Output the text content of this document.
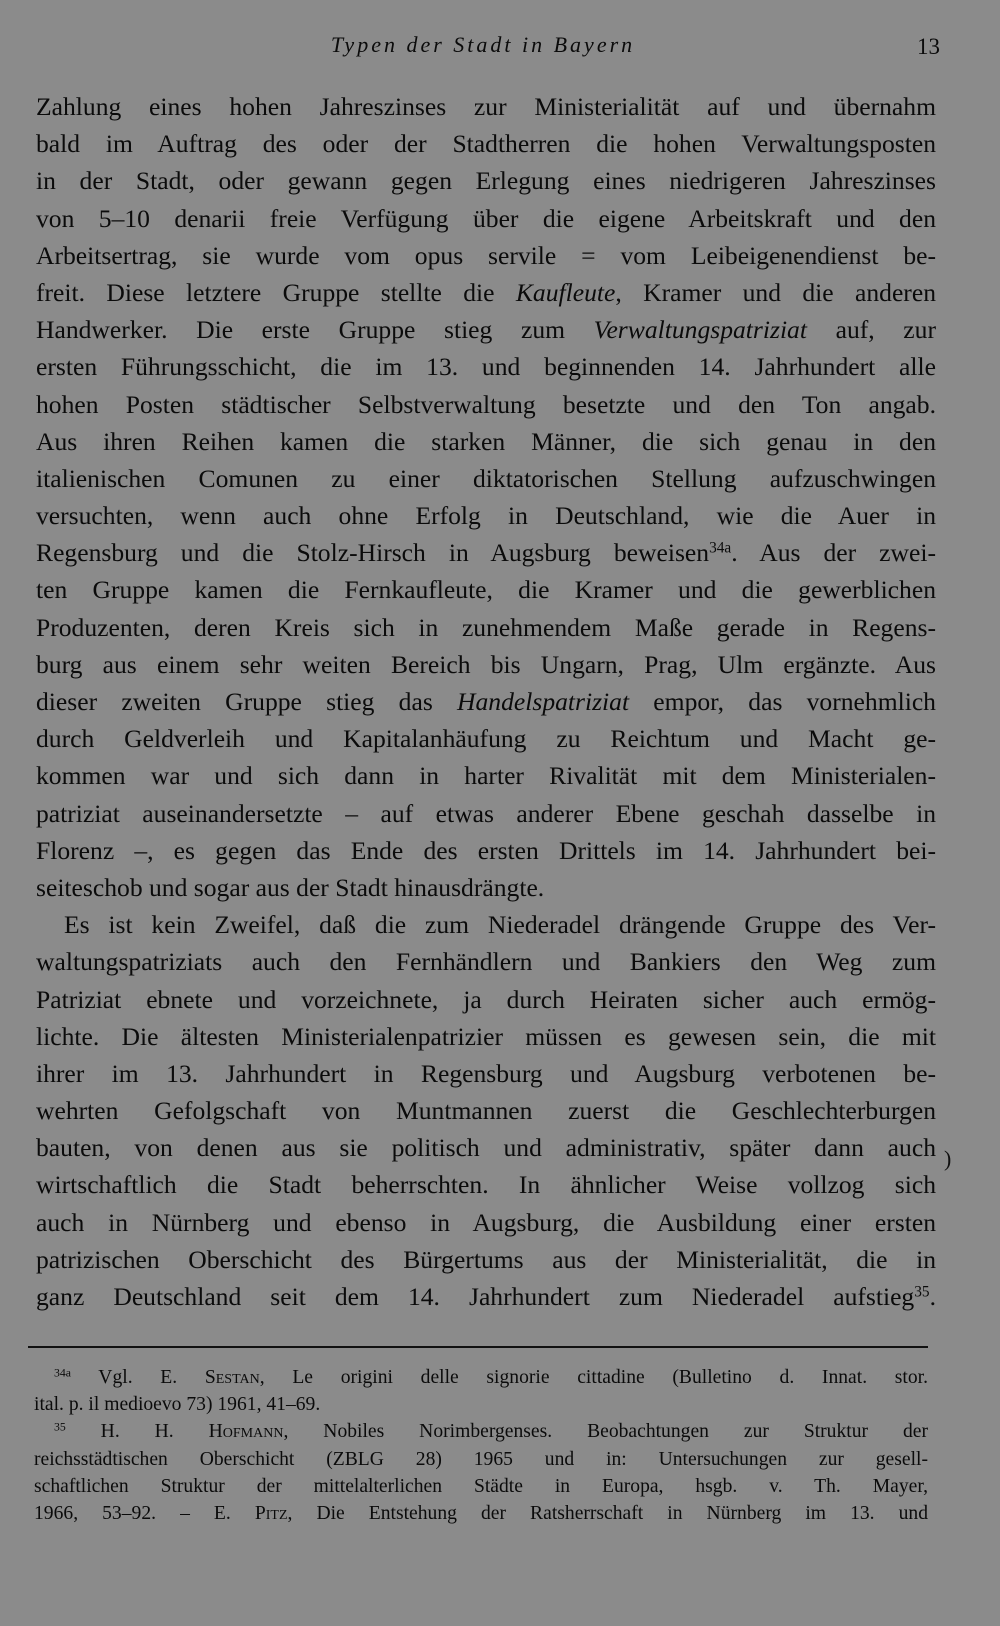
Typen der Stadt in Bayern	13
Zahlung eines hohen Jahreszinses zur Ministerialität auf und übernahm
bald im Auftrag des oder der Stadtherren die hohen Verwaltungsposten
in der Stadt, oder gewann gegen Erlegung eines niedrigeren Jahreszinses
von 5–10 denarii freie Verfügung über die eigene Arbeitskraft und den
Arbeitsertrag, sie wurde vom opus servile = vom Leibeigenendienst be-
freit. Diese letztere Gruppe stellte die Kaufleute, Kramer und die anderen
Handwerker. Die erste Gruppe stieg zum Verwaltungspatriziat auf, zur
ersten Führungsschicht, die im 13. und beginnenden 14. Jahrhundert alle
hohen Posten städtischer Selbstverwaltung besetzte und den Ton angab.
Aus ihren Reihen kamen die starken Männer, die sich genau in den
italienischen Comunen zu einer diktatorischen Stellung aufzuschwingen
versuchten, wenn auch ohne Erfolg in Deutschland, wie die Auer in
Regensburg und die Stolz-Hirsch in Augsburg beweisen$^{34a}$. Aus der zwei-
ten Gruppe kamen die Fernkaufleute, die Kramer und die gewerblichen
Produzenten, deren Kreis sich in zunehmendem Maße gerade in Regens-
burg aus einem sehr weiten Bereich bis Ungarn, Prag, Ulm ergänzte. Aus
dieser zweiten Gruppe stieg das Handelspatriziat empor, das vornehmlich
durch Geldverleih und Kapitalanhäufung zu Reichtum und Macht ge-
kommen war und sich dann in harter Rivalität mit dem Ministerialen-
patriziat auseinandersetzte – auf etwas anderer Ebene geschah dasselbe in
Florenz –, es gegen das Ende des ersten Drittels im 14. Jahrhundert bei-
seiteschob und sogar aus der Stadt hinausdrängte.
Es ist kein Zweifel, daß die zum Niederadel drängende Gruppe des Ver-
waltungspatriziats auch den Fernhändlern und Bankiers den Weg zum
Patriziat ebnete und vorzeichnete, ja durch Heiraten sicher auch ermög-
lichte. Die ältesten Ministerialenpatrizier müssen es gewesen sein, die mit
ihrer im 13. Jahrhundert in Regensburg und Augsburg verbotenen be-
wehrten Gefolgschaft von Muntmannen zuerst die Geschlechterburgen
bauten, von denen aus sie politisch und administrativ, später dann auch
wirtschaftlich die Stadt beherrschten. In ähnlicher Weise vollzog sich
auch in Nürnberg und ebenso in Augsburg, die Ausbildung einer ersten
patrizischen Oberschicht des Bürgertums aus der Ministerialität, die in
ganz Deutschland seit dem 14. Jahrhundert zum Niederadel aufstieg$^{35}$.
)
$^{34a}$ Vgl. E. Sestan, Le origini delle signorie cittadine (Bulletino d. Innat. stor.
ital. p. il medioevo 73) 1961, 41–69.
$^{35}$ H. H. Hofmann, Nobiles Norimbergenses. Beobachtungen zur Struktur der
reichsstädtischen Oberschicht (ZBLG 28) 1965 und in: Untersuchungen zur gesell-
schaftlichen Struktur der mittelalterlichen Städte in Europa, hsgb. v. Th. Mayer,
1966, 53–92. – E. Pitz, Die Entstehung der Ratsherrschaft in Nürnberg im 13. und
